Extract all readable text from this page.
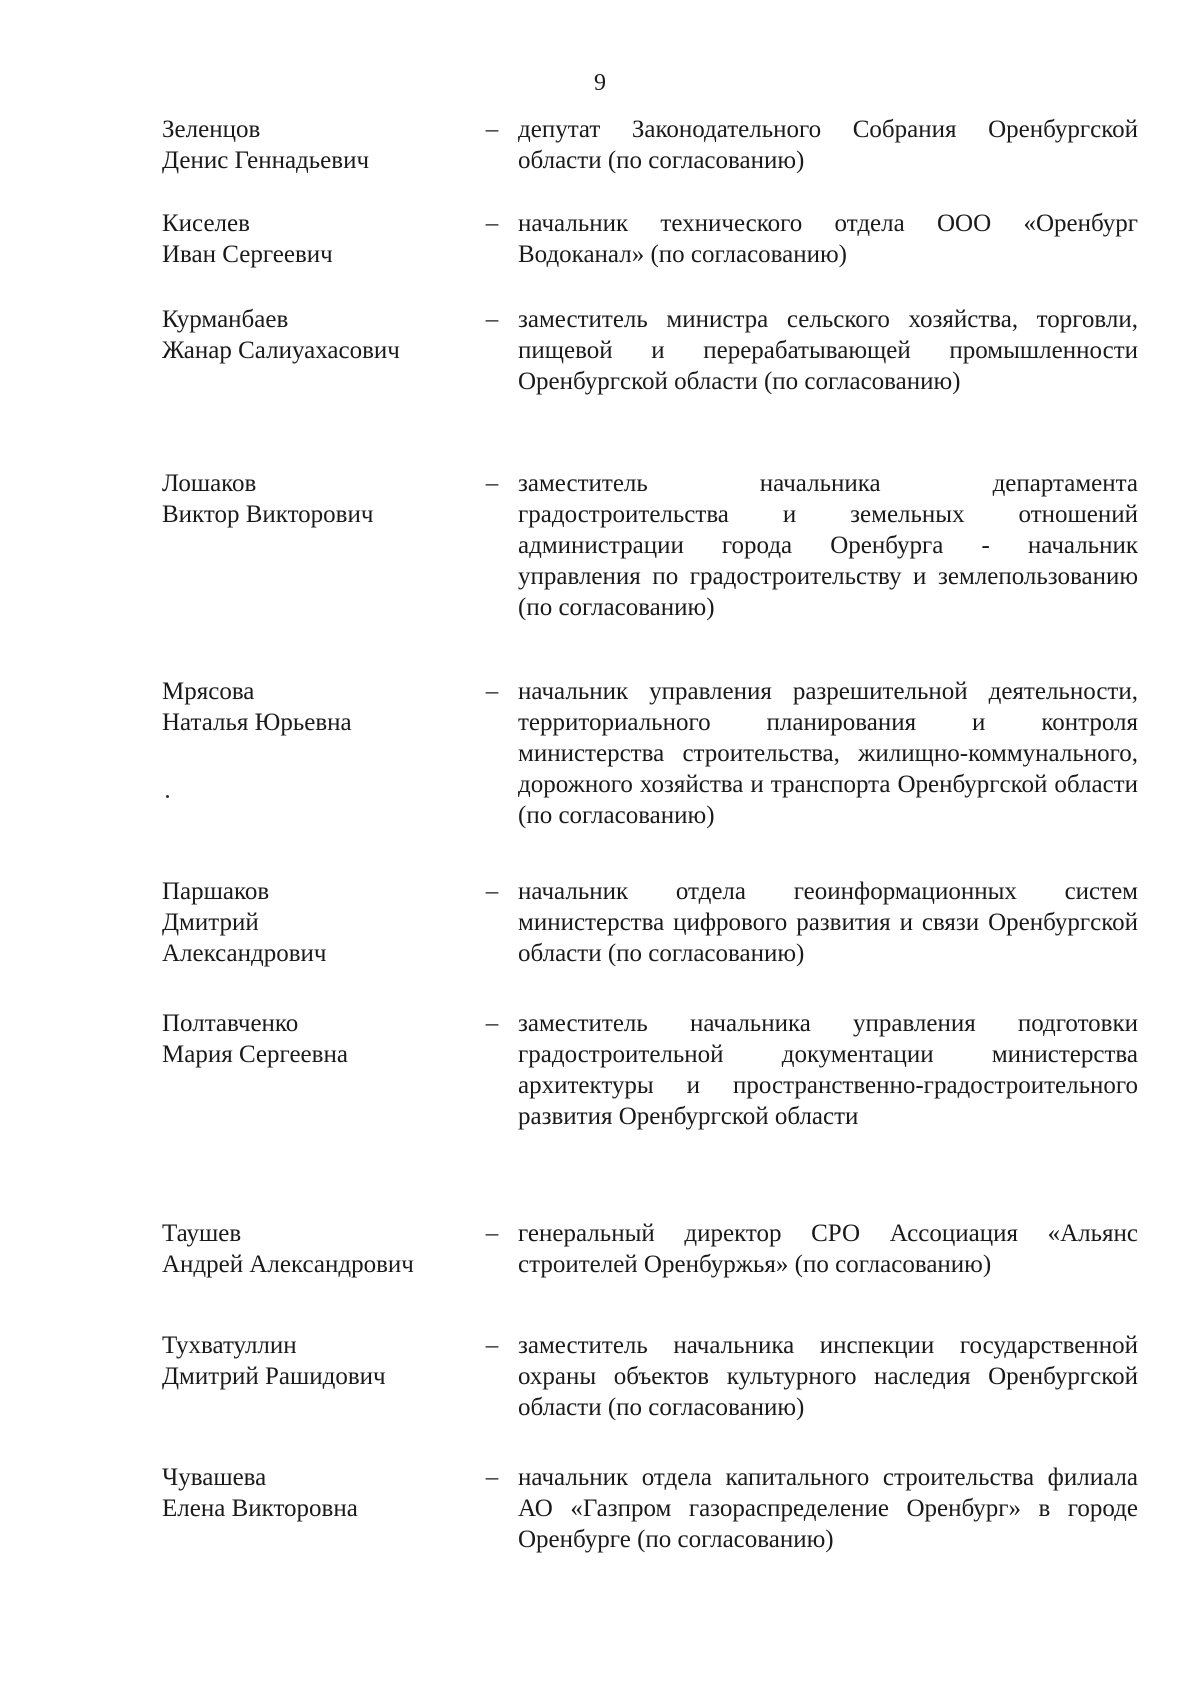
9
Зеленцов
Денис Геннадьевич
– депутат Законодательного Собрания Оренбургской области (по согласованию)
Киселев
Иван Сергеевич
– начальник технического отдела ООО «Оренбург Водоканал» (по согласованию)
Курманбаев
Жанар Салиуахасович
– заместитель министра сельского хозяйства, торговли, пищевой и перерабатывающей промышленности Оренбургской области (по согласованию)
Лошаков
Виктор Викторович
– заместитель начальника департамента градостроительства и земельных отношений администрации города Оренбурга - начальник управления по градостроительству и землепользованию (по согласованию)
Мрясова
Наталья Юрьевна
– начальник управления разрешительной деятельности, территориального планирования и контроля министерства строительства, жилищно-коммунального, дорожного хозяйства и транспорта Оренбургской области (по согласованию)
Паршаков
Дмитрий
Александрович
– начальник отдела геоинформационных систем министерства цифрового развития и связи Оренбургской области (по согласованию)
Полтавченко
Мария Сергеевна
– заместитель начальника управления подготовки градостроительной документации министерства архитектуры и пространственно-градостроительного развития Оренбургской области
Таушев
Андрей Александрович
– генеральный директор СРО Ассоциация «Альянс строителей Оренбуржья» (по согласованию)
Тухватуллин
Дмитрий Рашидович
– заместитель начальника инспекции государственной охраны объектов культурного наследия Оренбургской области (по согласованию)
Чувашева
Елена Викторовна
– начальник отдела капитального строительства филиала АО «Газпром газораспределение Оренбург» в городе Оренбурге (по согласованию)
